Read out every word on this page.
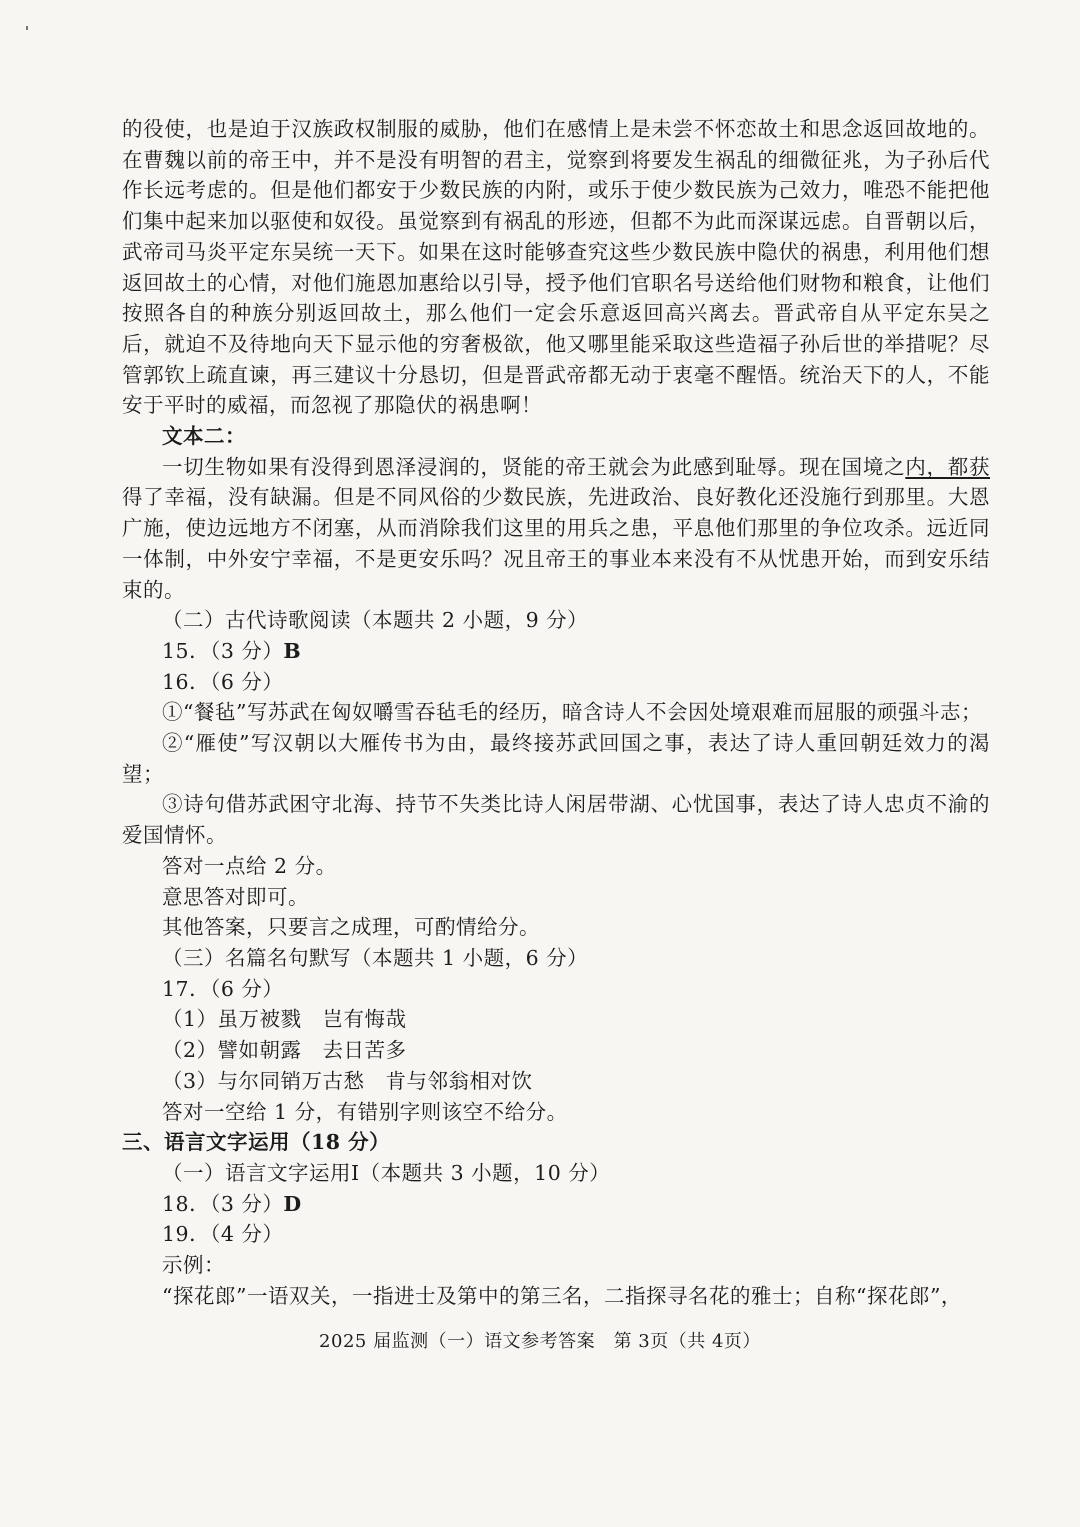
的役使，也是迫于汉族政权制服的威胁，他们在感情上是未尝不怀恋故土和思念返回故地的。在曹魏以前的帝王中，并不是没有明智的君主，觉察到将要发生祸乱的细微征兆，为子孙后代作长远考虑的。但是他们都安于少数民族的内附，或乐于使少数民族为己效力，唯恐不能把他们集中起来加以驱使和奴役。虽觉察到有祸乱的形迹，但都不为此而深谋远虑。自晋朝以后，武帝司马炎平定东吴统一天下。如果在这时能够查究这些少数民族中隐伏的祸患，利用他们想返回故土的心情，对他们施恩加惠给以引导，授予他们官职名号送给他们财物和粮食，让他们按照各自的种族分别返回故土，那么他们一定会乐意返回高兴离去。晋武帝自从平定东吴之后，就迫不及待地向天下显示他的穷奢极欲，他又哪里能采取这些造福子孙后世的举措呢？尽管郭钦上疏直谏，再三建议十分恳切，但是晋武帝都无动于衷毫不醒悟。统治天下的人，不能安于平时的威福，而忽视了那隐伏的祸患啊！

文本二：

一切生物如果有没得到恩泽浸润的，贤能的帝王就会为此感到耻辱。现在国境之内，都获得了幸福，没有缺漏。但是不同风俗的少数民族，先进政治、良好教化还没施行到那里。大恩广施，使边远地方不闭塞，从而消除我们这里的用兵之患，平息他们那里的争位攻杀。远近同一体制，中外安宁幸福，不是更安乐吗？况且帝王的事业本来没有不从忧患开始，而到安乐结束的。

（二）古代诗歌阅读（本题共 2 小题，9 分）

15．（3 分）B

16．（6 分）

①“餐毡”写苏武在匈奴嚼雪吞毡毛的经历，暗含诗人不会因处境艰难而屈服的顽强斗志；

②“雁使”写汉朝以大雁传书为由，最终接苏武回国之事，表达了诗人重回朝廷效力的渴望；

③诗句借苏武困守北海、持节不失类比诗人闲居带湖、心忧国事，表达了诗人忠贞不渝的爱国情怀。

答对一点给 2 分。

意思答对即可。

其他答案，只要言之成理，可酌情给分。

（三）名篇名句默写（本题共 1 小题，6 分）

17．（6 分）

（1）虽万被戮　岂有悔哉

（2）譬如朝露　去日苦多

（3）与尔同销万古愁　肯与邻翁相对饮

答对一空给 1 分，有错别字则该空不给分。

三、语言文字运用（18 分）

（一）语言文字运用Ⅰ（本题共 3 小题，10 分）

18．（3 分）D

19．（4 分）

示例：

“探花郎”一语双关，一指进士及第中的第三名，二指探寻名花的雅士；自称“探花郎”，

2025 届监测（一）语文参考答案　第 3页（共 4页）
